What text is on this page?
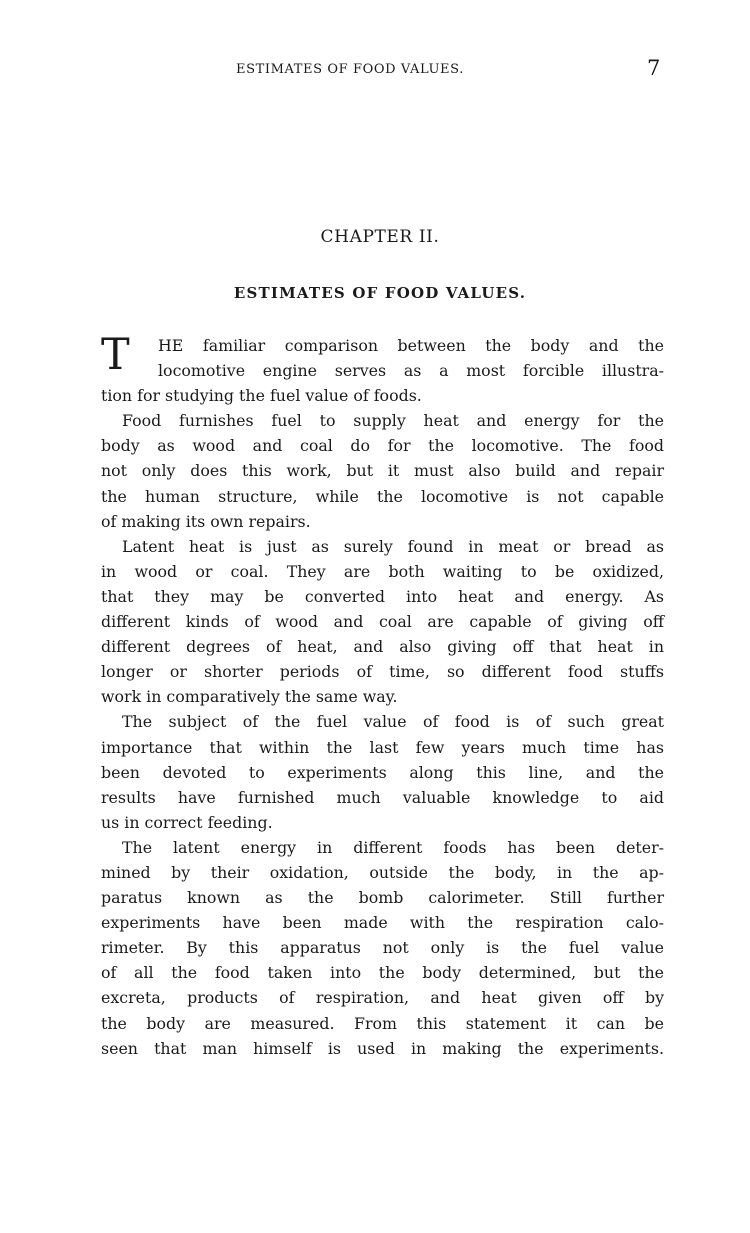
ESTIMATES OF FOOD VALUES.	7
CHAPTER II.
ESTIMATES OF FOOD VALUES.
T	HE familiar comparison between the body and the
locomotive engine serves as a most forcible illustra-
tion for studying the fuel value of foods.
Food furnishes fuel to supply heat and energy for the
body as wood and coal do for the locomotive. The food
not only does this work, but it must also build and repair
the human structure, while the locomotive is not capable
of making its own repairs.
Latent heat is just as surely found in meat or bread as
in wood or coal. They are both waiting to be oxidized,
that they may be converted into heat and energy. As
different kinds of wood and coal are capable of giving off
different degrees of heat, and also giving off that heat in
longer or shorter periods of time, so different food stuffs
work in comparatively the same way.
The subject of the fuel value of food is of such great
importance that within the last few years much time has
been devoted to experiments along this line, and the
results have furnished much valuable knowledge to aid
us in correct feeding.
The latent energy in different foods has been deter-
mined by their oxidation, outside the body, in the ap-
paratus known as the bomb calorimeter. Still further
experiments have been made with the respiration calo-
rimeter. By this apparatus not only is the fuel value
of all the food taken into the body determined, but the
excreta, products of respiration, and heat given off by
the body are measured. From this statement it can be
seen that man himself is used in making the experiments.
